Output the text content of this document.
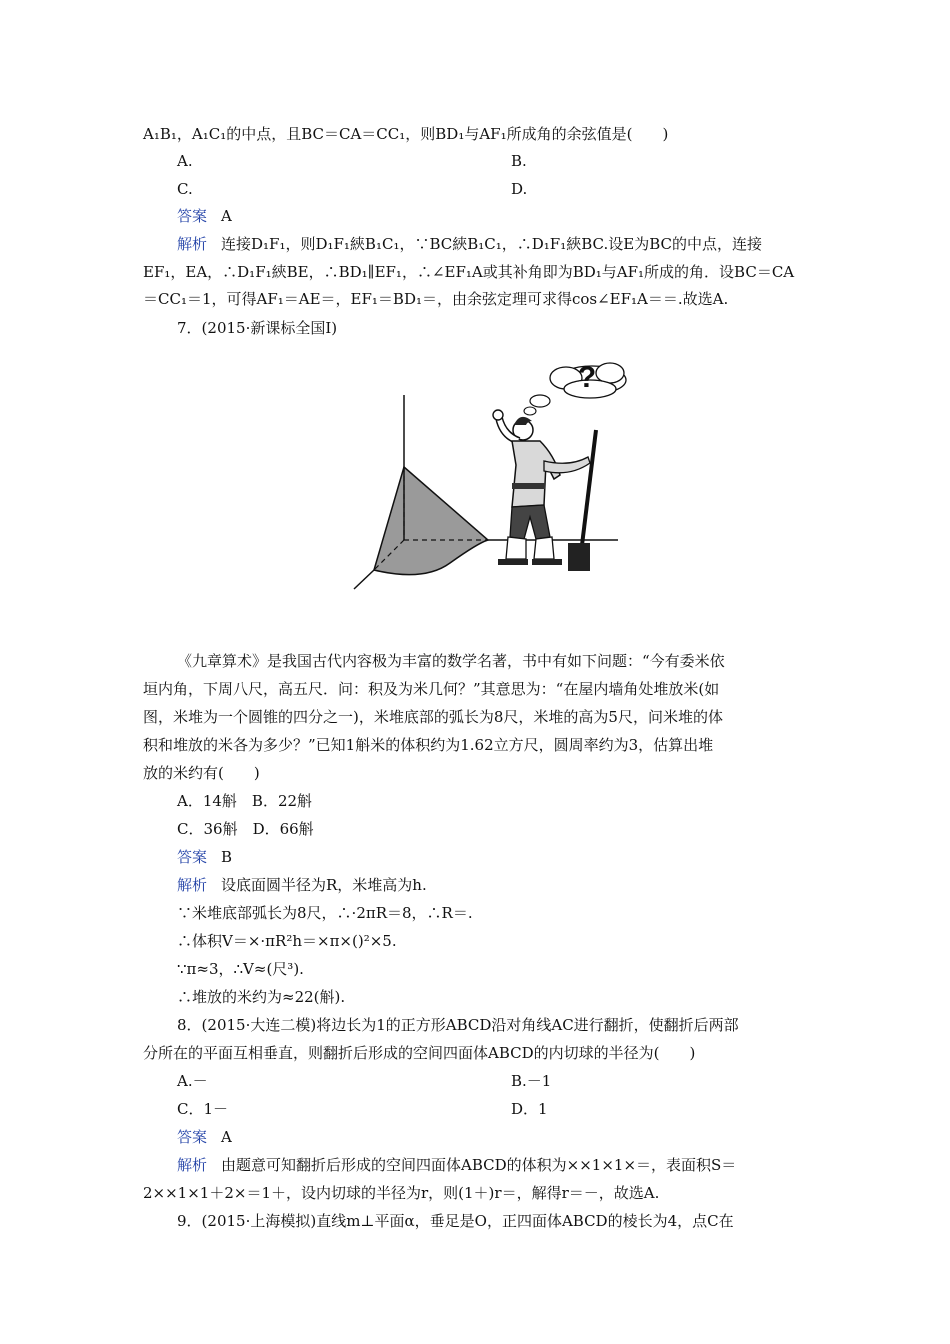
A₁B₁，A₁C₁的中点，且BC＝CA＝CC₁，则BD₁与AF₁所成角的余弦值是(　　)
A.	B.
C.	D.
答案 A
解析 连接D₁F₁，则D₁F₁綊B₁C₁，∵BC綊B₁C₁，∴D₁F₁綊BC.设E为BC的中点，连接
EF₁，EA，∴D₁F₁綊BE，∴BD₁∥EF₁，∴∠EF₁A或其补角即为BD₁与AF₁所成的角．设BC＝CA
＝CC₁＝1，可得AF₁＝AE＝，EF₁＝BD₁＝，由余弦定理可求得cos∠EF₁A＝＝.故选A.
7．(2015·新课标全国Ⅰ)
?
《九章算术》是我国古代内容极为丰富的数学名著，书中有如下问题：“今有委米依
垣内角，下周八尺，高五尺．问：积及为米几何？”其意思为：“在屋内墙角处堆放米(如
图，米堆为一个圆锥的四分之一)，米堆底部的弧长为8尺，米堆的高为5尺，问米堆的体
积和堆放的米各为多少？”已知1斛米的体积约为1.62立方尺，圆周率约为3，估算出堆
放的米约有(　　)
A．14斛　B．22斛
C．36斛　D．66斛
答案 B
解析 设底面圆半径为R，米堆高为h.
∵米堆底部弧长为8尺，∴·2πR＝8，∴R＝.
∴体积V＝×·πR²h＝×π×()²×5.
∵π≈3，∴V≈(尺³).
∴堆放的米约为≈22(斛).
8．(2015·大连二模)将边长为1的正方形ABCD沿对角线AC进行翻折，使翻折后两部
分所在的平面互相垂直，则翻折后形成的空间四面体ABCD的内切球的半径为(　　)
A.－	B.－1
C．1－	D．1
答案 A
解析 由题意可知翻折后形成的空间四面体ABCD的体积为××1×1×＝，表面积S＝
2××1×1＋2×＝1＋，设内切球的半径为r，则(1＋)r＝，解得r＝－，故选A.
9．(2015·上海模拟)直线m⊥平面α，垂足是O，正四面体ABCD的棱长为4，点C在
